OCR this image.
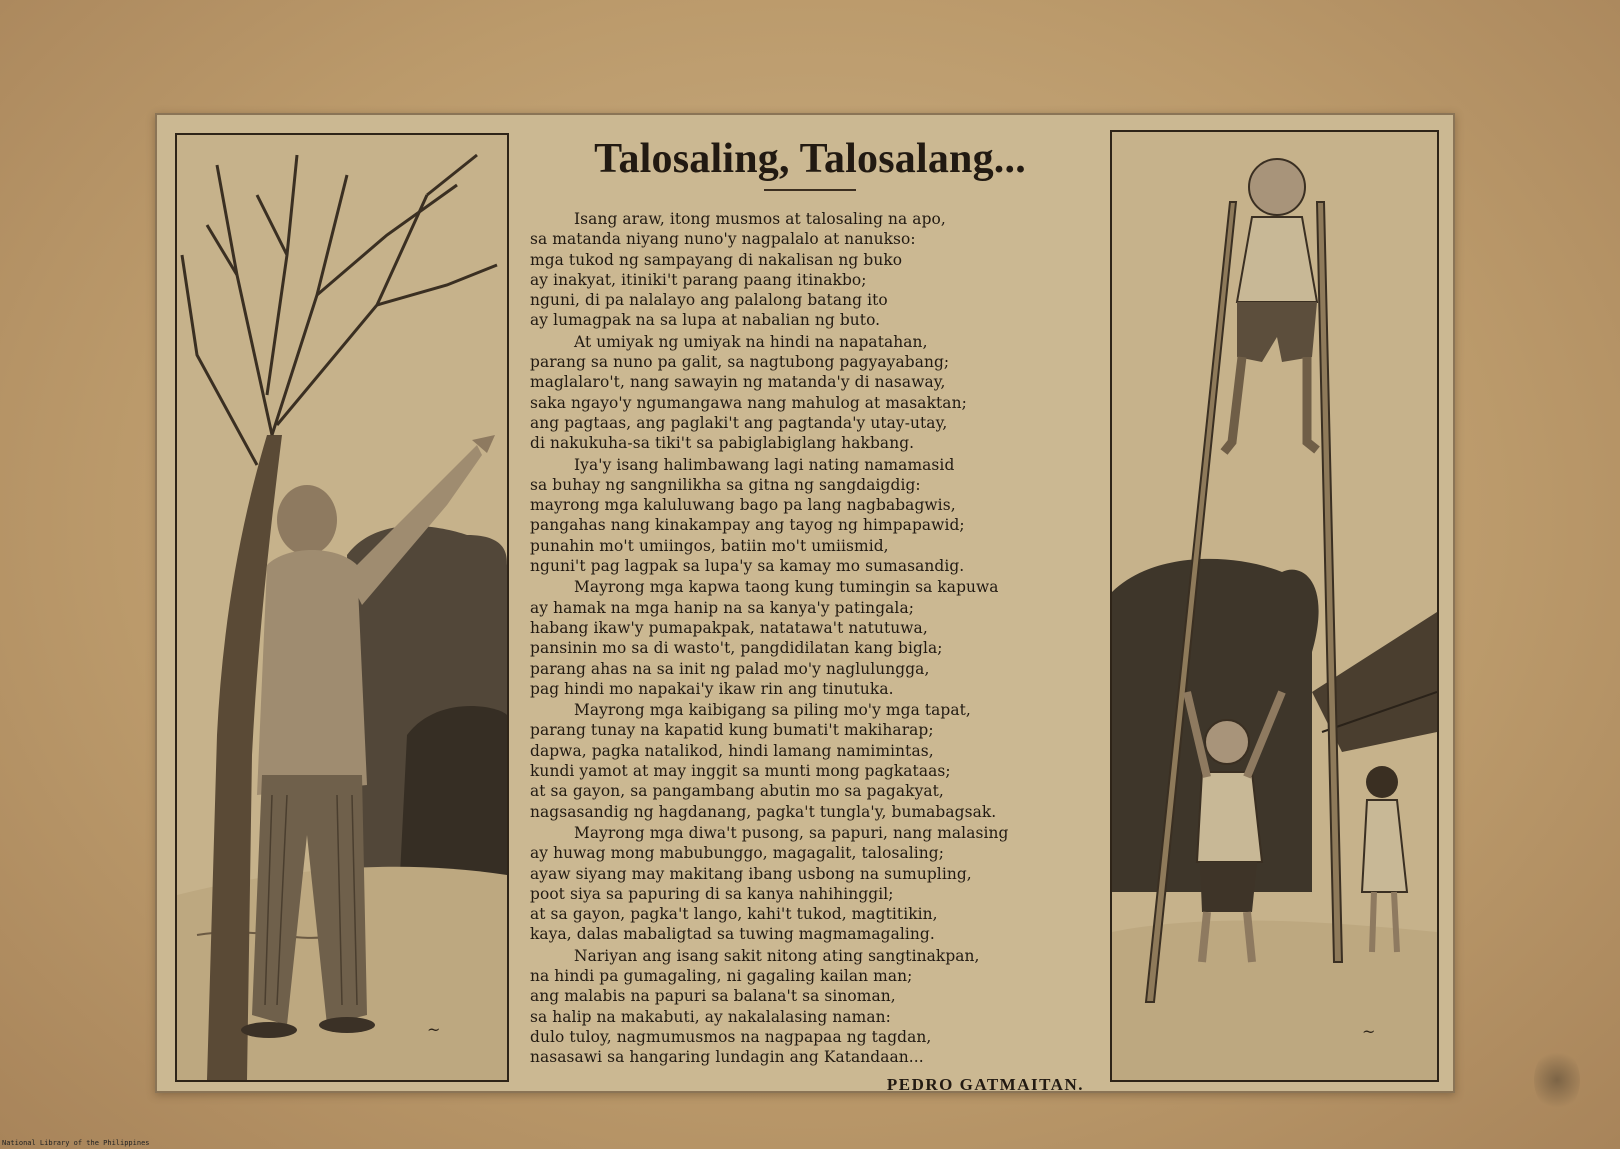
~
Talosaling, Talosalang...
Isang araw, itong musmos at talosaling na apo,
sa matanda niyang nuno'y nagpalalo at nanukso:
mga tukod ng sampayang di nakalisan ng buko
ay inakyat, itiniki't parang paang itinakbo;
nguni, di pa nalalayo ang palalong batang ito
ay lumagpak na sa lupa at nabalian ng buto.
At umiyak ng umiyak na hindi na napatahan,
parang sa nuno pa galit, sa nagtubong pagyayabang;
maglalaro't, nang sawayin ng matanda'y di nasaway,
saka ngayo'y ngumangawa nang mahulog at masaktan;
ang pagtaas, ang paglaki't ang pagtanda'y utay-utay,
di nakukuha-sa tiki't sa pabiglabiglang hakbang.
Iya'y isang halimbawang lagi nating namamasid
sa buhay ng sangnilikha sa gitna ng sangdaigdig:
mayrong mga kaluluwang bago pa lang nagbabagwis,
pangahas nang kinakampay ang tayog ng himpapawid;
punahin mo't umiingos, batiin mo't umiismid,
nguni't pag lagpak sa lupa'y sa kamay mo sumasandig.
Mayrong mga kapwa taong kung tumingin sa kapuwa
ay hamak na mga hanip na sa kanya'y patingala;
habang ikaw'y pumapakpak, natatawa't natutuwa,
pansinin mo sa di wasto't, pangdidilatan kang bigla;
parang ahas na sa init ng palad mo'y naglulungga,
pag hindi mo napakai'y ikaw rin ang tinutuka.
Mayrong mga kaibigang sa piling mo'y mga tapat,
parang tunay na kapatid kung bumati't makiharap;
dapwa, pagka natalikod, hindi lamang namimintas,
kundi yamot at may inggit sa munti mong pagkataas;
at sa gayon, sa pangambang abutin mo sa pagakyat,
nagsasandig ng hagdanang, pagka't tungla'y, bumabagsak.
Mayrong mga diwa't pusong, sa papuri, nang malasing
ay huwag mong mabubunggo, magagalit, talosaling;
ayaw siyang may makitang ibang usbong na sumupling,
poot siya sa papuring di sa kanya nahihinggil;
at sa gayon, pagka't lango, kahi't tukod, magtitikin,
kaya, dalas mabaligtad sa tuwing magmamagaling.
Nariyan ang isang sakit nitong ating sangtinakpan,
na hindi pa gumagaling, ni gagaling kailan man;
ang malabis na papuri sa balana't sa sinoman,
sa halip na makabuti, ay nakalalasing naman:
dulo tuloy, nagmumusmos na nagpapaa ng tagdan,
nasasawi sa hangaring lundagin ang Katandaan...
PEDRO GATMAITAN.
~
National Library of the Philippines
